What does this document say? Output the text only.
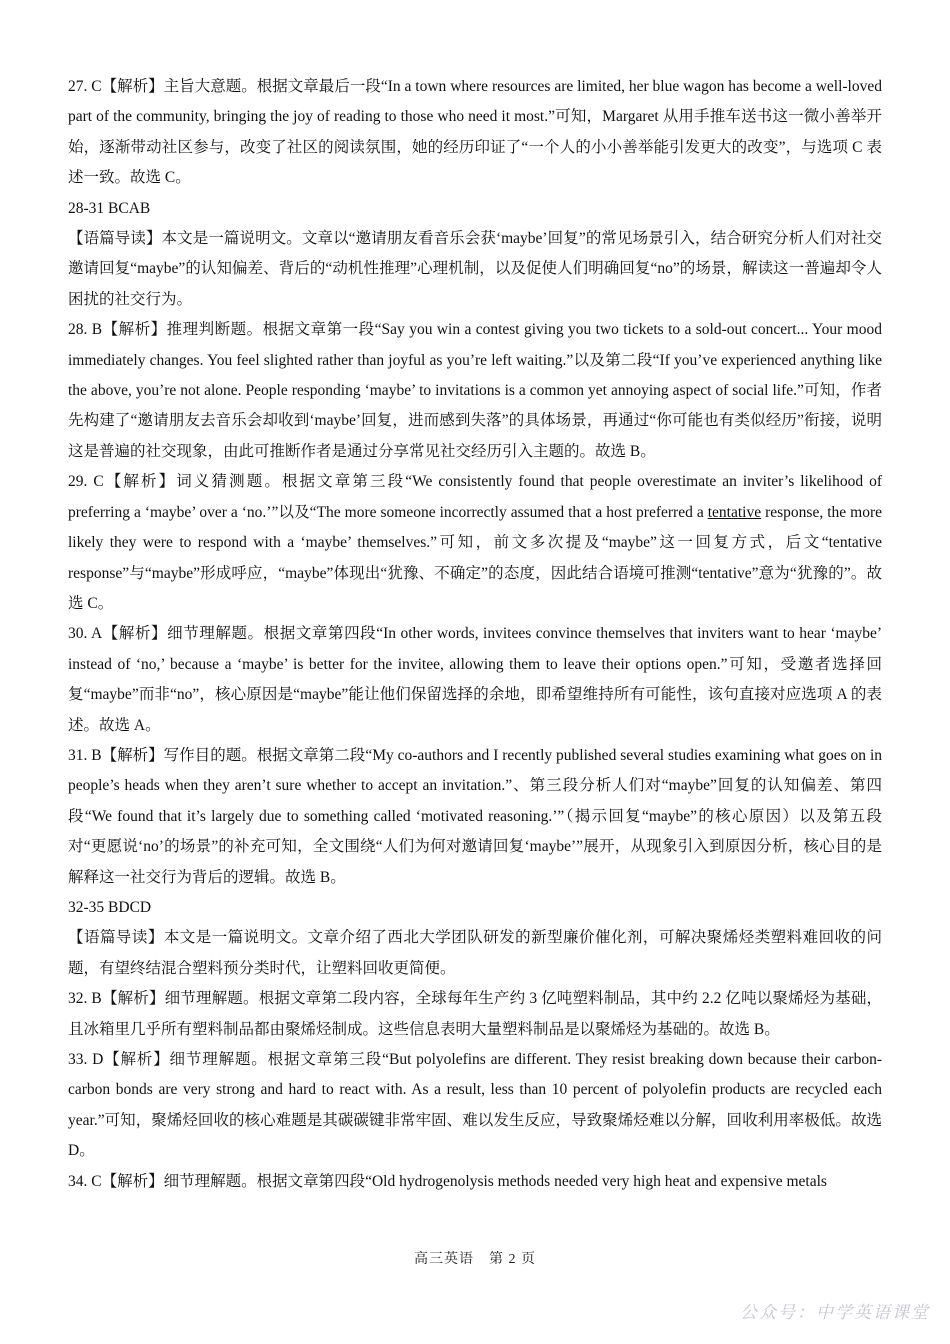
27. C【解析】主旨大意题。根据文章最后一段“In a town where resources are limited, her blue wagon has become a well-loved part of the community, bringing the joy of reading to those who need it most.”可知，Margaret 从用手推车送书这一微小善举开始，逐渐带动社区参与，改变了社区的阅读氛围，她的经历印证了“一个人的小小善举能引发更大的改变”，与选项 C 表述一致。故选 C。

28-31 BCAB

【语篇导读】本文是一篇说明文。文章以“邀请朋友看音乐会获‘maybe’回复”的常见场景引入，结合研究分析人们对社交邀请回复“maybe”的认知偏差、背后的“动机性推理”心理机制，以及促使人们明确回复“no”的场景，解读这一普遍却令人困扰的社交行为。

28. B【解析】推理判断题。根据文章第一段“Say you win a contest giving you two tickets to a sold-out concert... Your mood immediately changes. You feel slighted rather than joyful as you’re left waiting.”以及第二段“If you’ve experienced anything like the above, you’re not alone. People responding ‘maybe’ to invitations is a common yet annoying aspect of social life.”可知，作者先构建了“邀请朋友去音乐会却收到‘maybe’回复，进而感到失落”的具体场景，再通过“你可能也有类似经历”衔接，说明这是普遍的社交现象，由此可推断作者是通过分享常见社交经历引入主题的。故选 B。

29. C【解析】词义猜测题。根据文章第三段“We consistently found that people overestimate an inviter’s likelihood of preferring a ‘maybe’ over a ‘no.’”以及“The more someone incorrectly assumed that a host preferred a tentative response, the more likely they were to respond with a ‘maybe’ themselves.”可知，前文多次提及“maybe”这一回复方式，后文“tentative response”与“maybe”形成呼应，“maybe”体现出“犹豫、不确定”的态度，因此结合语境可推测“tentative”意为“犹豫的”。故选 C。

30. A【解析】细节理解题。根据文章第四段“In other words, invitees convince themselves that inviters want to hear ‘maybe’ instead of ‘no,’ because a ‘maybe’ is better for the invitee, allowing them to leave their options open.”可知，受邀者选择回复“maybe”而非“no”，核心原因是“maybe”能让他们保留选择的余地，即希望维持所有可能性，该句直接对应选项 A 的表述。故选 A。

31. B【解析】写作目的题。根据文章第二段“My co-authors and I recently published several studies examining what goes on in people’s heads when they aren’t sure whether to accept an invitation.”、第三段分析人们对“maybe”回复的认知偏差、第四段“We found that it’s largely due to something called ‘motivated reasoning.’”（揭示回复“maybe”的核心原因）以及第五段对“更愿说‘no’的场景”的补充可知，全文围绕“人们为何对邀请回复‘maybe’”展开，从现象引入到原因分析，核心目的是解释这一社交行为背后的逻辑。故选 B。

32-35 BDCD

【语篇导读】本文是一篇说明文。文章介绍了西北大学团队研发的新型廉价催化剂，可解决聚烯烃类塑料难回收的问题，有望终结混合塑料预分类时代，让塑料回收更简便。

32. B【解析】细节理解题。根据文章第二段内容，全球每年生产约 3 亿吨塑料制品，其中约 2.2 亿吨以聚烯烃为基础，且冰箱里几乎所有塑料制品都由聚烯烃制成。这些信息表明大量塑料制品是以聚烯烃为基础的。故选 B。

33. D【解析】细节理解题。根据文章第三段“But polyolefins are different. They resist breaking down because their carbon-carbon bonds are very strong and hard to react with. As a result, less than 10 percent of polyolefin products are recycled each year.”可知，聚烯烃回收的核心难题是其碳碳键非常牢固、难以发生反应，导致聚烯烃难以分解，回收利用率极低。故选 D。

34. C【解析】细节理解题。根据文章第四段“Old hydrogenolysis methods needed very high heat and expensive metals

高三英语　第 2 页
公众号：中学英语课堂
